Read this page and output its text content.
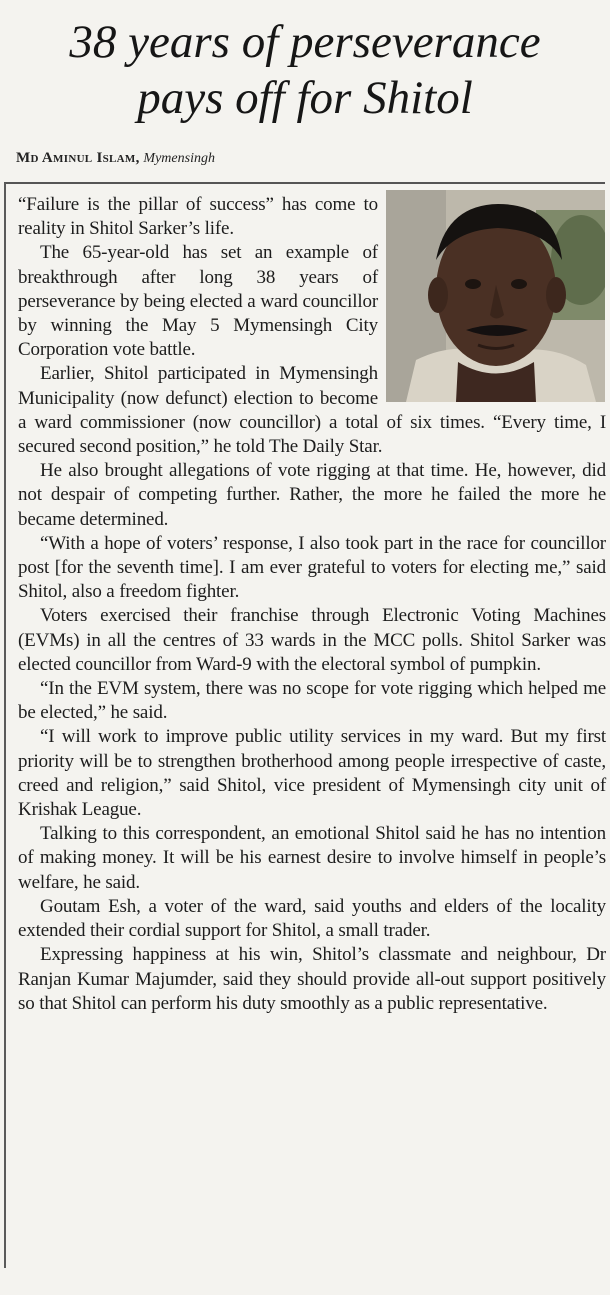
38 years of perseverance
pays off for Shitol
Md Aminul Islam, Mymensingh

“Failure is the pillar of success” has come to reality in Shitol Sarker’s life.

The 65-year-old has set an example of breakthrough after long 38 years of perseverance by being elected a ward councillor by winning the May 5 Mymensingh City Corporation vote battle.

Earlier, Shitol participated in Mymensingh Municipality (now defunct) election to become a ward commissioner (now councillor) a total of six times. “Every time, I secured second position,” he told The Daily Star.

He also brought allegations of vote rigging at that time. He, however, did not despair of competing further. Rather, the more he failed the more he became determined.

“With a hope of voters’ response, I also took part in the race for councillor post [for the seventh time]. I am ever grateful to voters for electing me,” said Shitol, also a freedom fighter.

Voters exercised their franchise through Electronic Voting Machines (EVMs) in all the centres of 33 wards in the MCC polls. Shitol Sarker was elected councillor from Ward-9 with the electoral symbol of pumpkin.

“In the EVM system, there was no scope for vote rigging which helped me be elected,” he said.

“I will work to improve public utility services in my ward. But my first priority will be to strengthen brotherhood among people irrespective of caste, creed and religion,” said Shitol, vice president of Mymensingh city unit of Krishak League.

Talking to this correspondent, an emotional Shitol said he has no intention of making money. It will be his earnest desire to involve himself in people’s welfare, he said.

Goutam Esh, a voter of the ward, said youths and elders of the locality extended their cordial support for Shitol, a small trader.

Expressing happiness at his win, Shitol’s classmate and neighbour, Dr Ranjan Kumar Majumder, said they should provide all-out support positively so that Shitol can perform his duty smoothly as a public representative.
